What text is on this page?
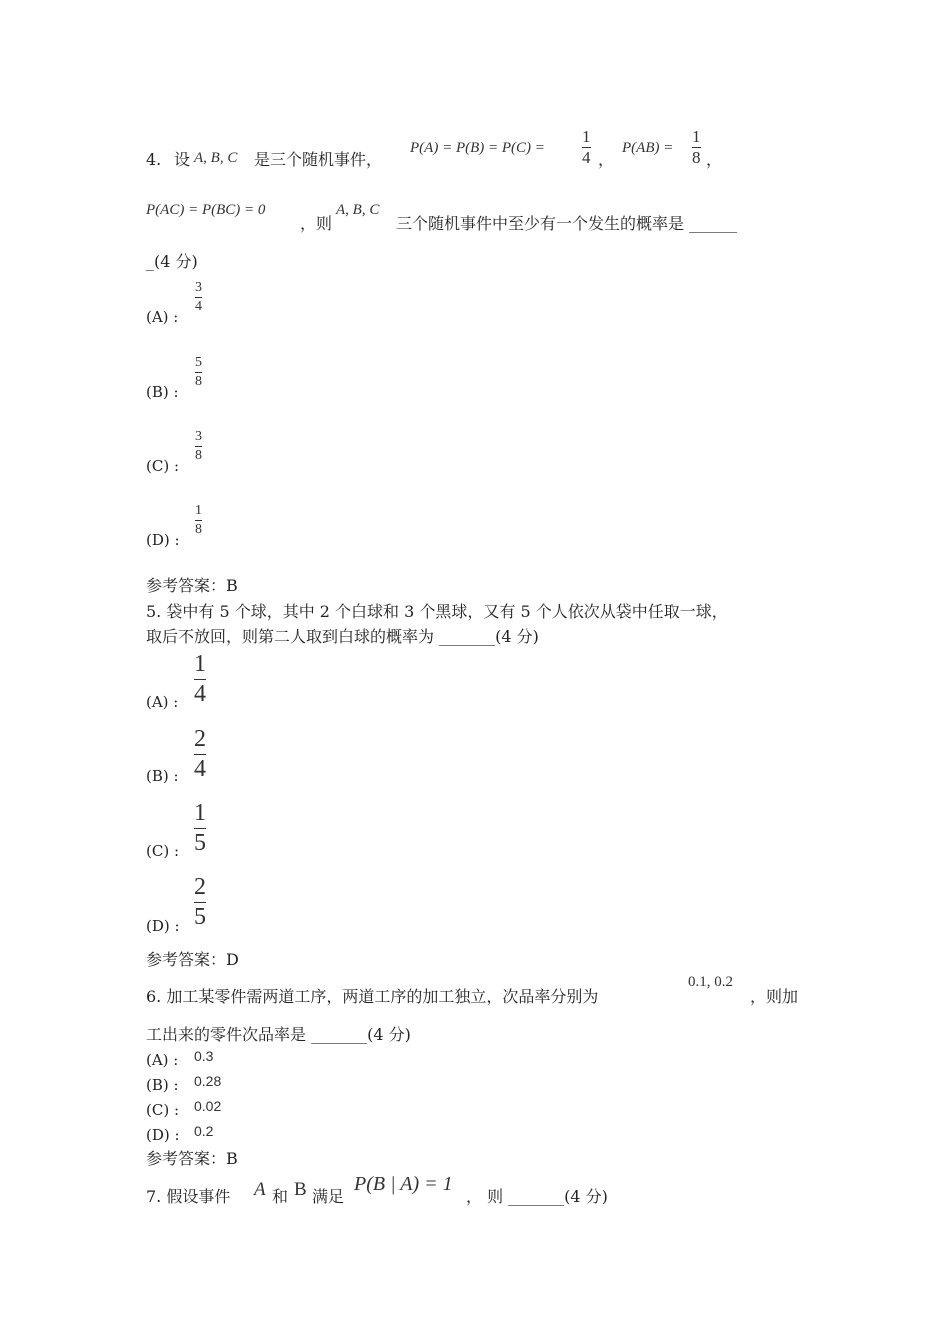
4. 设 A, B, C 是三个随机事件，
P(A) = P(B) = P(C) =
1
4 ，
P(AB) =
1
8 ，
P(AC) = P(BC) = 0
，则
A, B, C
三个随机事件中至少有一个发生的概率是 ______
_(4 分)
(A) :
3
4
(B) :
5
8
(C) :
3
8
(D) :
1
8
参考答案：B
5. 袋中有 5 个球，其中 2 个白球和 3 个黑球，又有 5 个人依次从袋中任取一球，
取后不放回，则第二人取到白球的概率为 _______(4 分)
(A) :
1
4
(B) :
2
4
(C) :
1
5
(D) :
2
5
参考答案：D
6. 加工某零件需两道工序，两道工序的加工独立，次品率分别为
0.1, 0.2
，则加
工出来的零件次品率是 _______(4 分)
(A) : 0.3
(B) : 0.28
(C) : 0.02
(D) : 0.2
参考答案：B
7. 假设事件 A 和 B 满足
P(B | A) = 1
， 则 _______(4 分)
